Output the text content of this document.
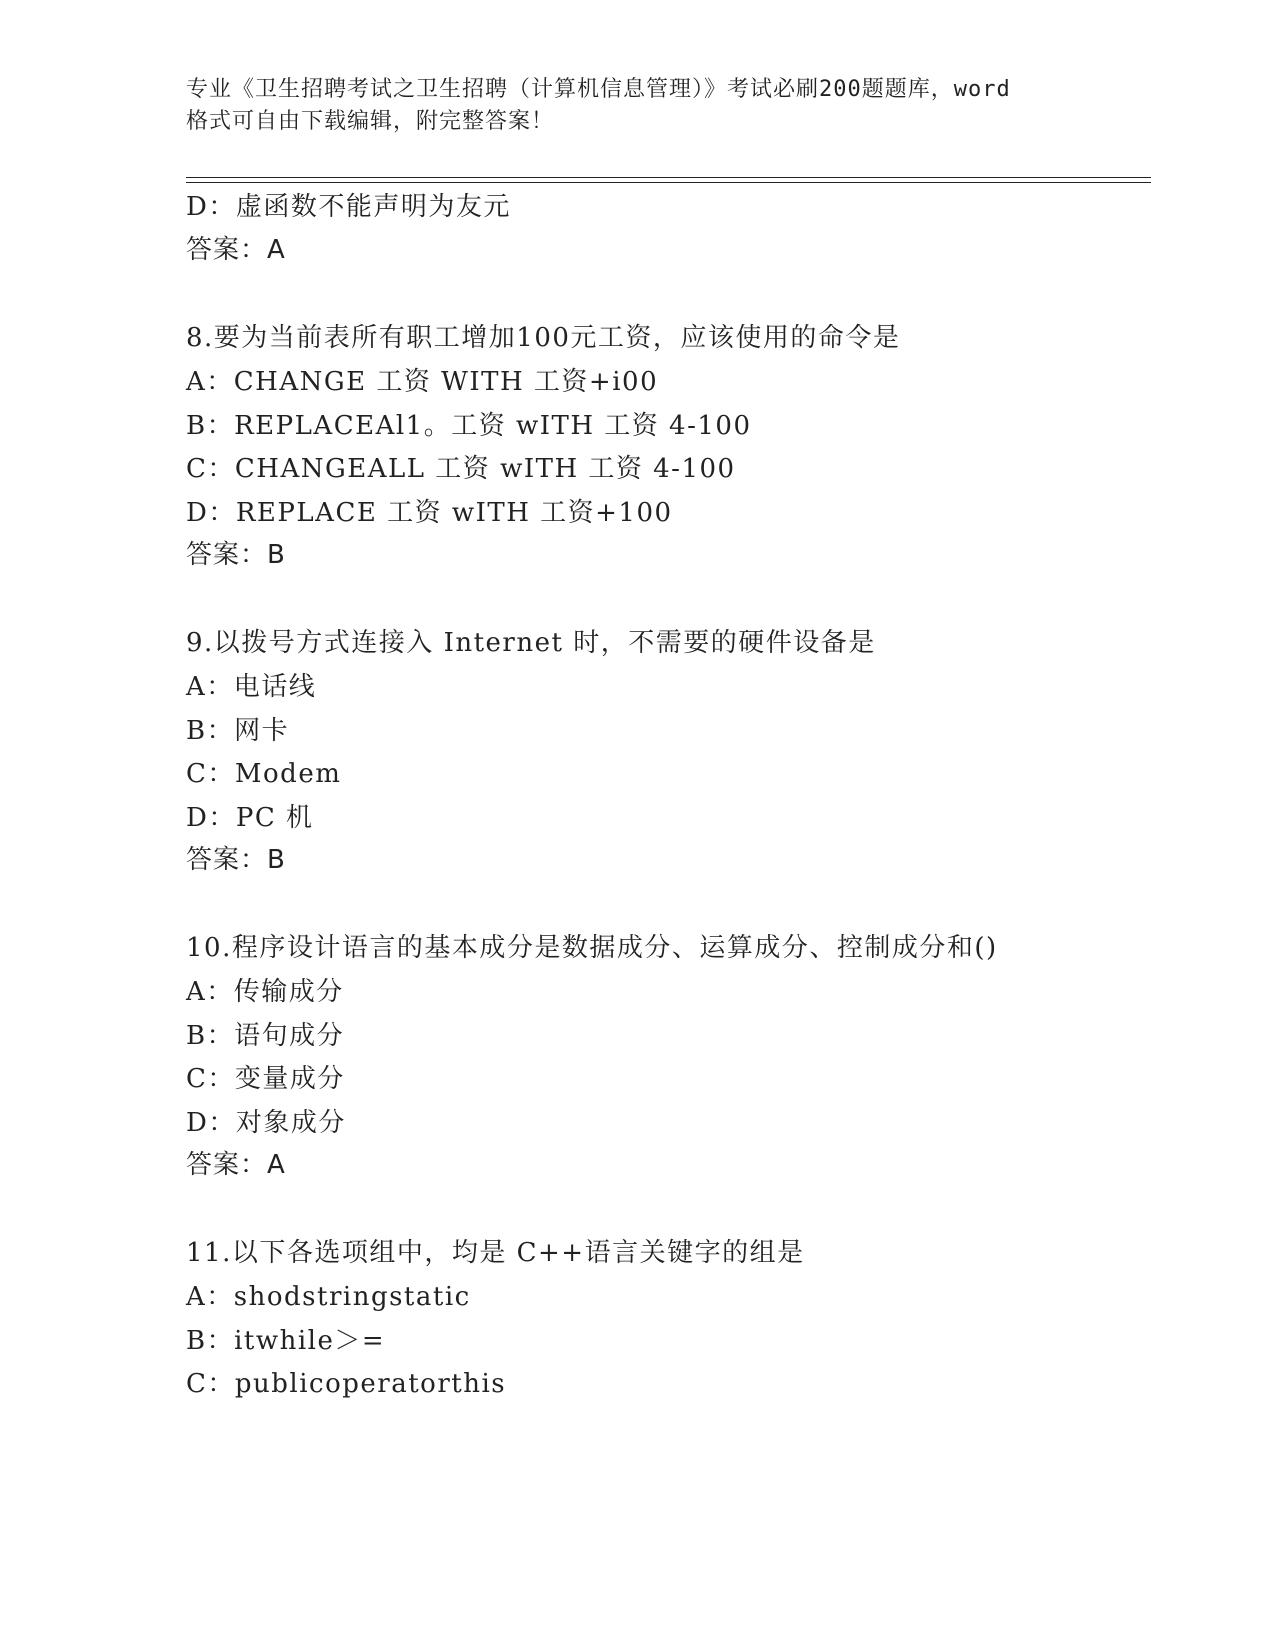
专业《卫生招聘考试之卫生招聘（计算机信息管理）》考试必刷200题题库，word
格式可自由下载编辑，附完整答案！
D：虚函数不能声明为友元
答案：A
8.要为当前表所有职工增加100元工资，应该使用的命令是
A：CHANGE 工资 WITH 工资+i00
B：REPLACEAl1。工资 wITH 工资 4-100
C：CHANGEALL 工资 wITH 工资 4-100
D：REPLACE 工资 wITH 工资+100
答案：B
9.以拨号方式连接入 Internet 时，不需要的硬件设备是
A：电话线
B：网卡
C：Modem
D：PC 机
答案：B
10.程序设计语言的基本成分是数据成分、运算成分、控制成分和()
A：传输成分
B：语句成分
C：变量成分
D：对象成分
答案：A
11.以下各选项组中，均是 C++语言关键字的组是
A：shodstringstatic
B：itwhile＞=
C：publicoperatorthis
